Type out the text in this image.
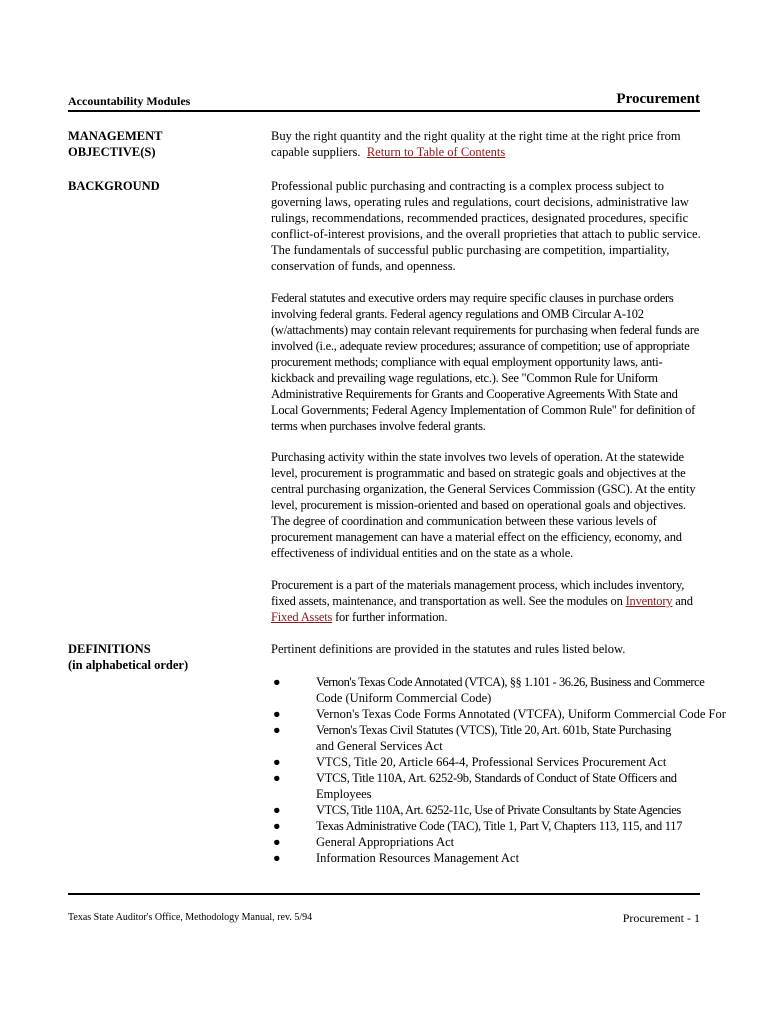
Accountability Modules	Procurement
MANAGEMENT
OBJECTIVE(S)

Buy the right quantity and the right quality at the right time at the right price from capable suppliers. Return to Table of Contents

BACKGROUND	Professional public purchasing and contracting is a complex process subject to governing laws, operating rules and regulations, court decisions, administrative law rulings, recommendations, recommended practices, designated procedures, specific conflict-of-interest provisions, and the overall proprieties that attach to public service. The fundamentals of successful public purchasing are competition, impartiality, conservation of funds, and openness.

Federal statutes and executive orders may require specific clauses in purchase orders involving federal grants. Federal agency regulations and OMB Circular A-102 (w/attachments) may contain relevant requirements for purchasing when federal funds are involved (i.e., adequate review procedures; assurance of competition; use of appropriate procurement methods; compliance with equal employment opportunity laws, anti-kickback and prevailing wage regulations, etc.). See "Common Rule for Uniform Administrative Requirements for Grants and Cooperative Agreements With State and Local Governments; Federal Agency Implementation of Common Rule" for definition of terms when purchases involve federal grants.

Purchasing activity within the state involves two levels of operation. At the statewide level, procurement is programmatic and based on strategic goals and objectives at the central purchasing organization, the General Services Commission (GSC). At the entity level, procurement is mission-oriented and based on operational goals and objectives. The degree of coordination and communication between these various levels of procurement management can have a material effect on the efficiency, economy, and effectiveness of individual entities and on the state as a whole.

Procurement is a part of the materials management process, which includes inventory, fixed assets, maintenance, and transportation as well. See the modules on Inventory and Fixed Assets for further information.

DEFINITIONS
(in alphabetical order)
Pertinent definitions are provided in the statutes and rules listed below.
●	Vernon's Texas Code Annotated (VTCA), §§ 1.101 - 36.26, Business and Commerce
Code (Uniform Commercial Code)
●	Vernon's Texas Code Forms Annotated (VTCFA), Uniform Commercial Code For
●	Vernon's Texas Civil Statutes (VTCS), Title 20, Art. 601b, State Purchasing
and General Services Act
●	VTCS, Title 20, Article 664-4, Professional Services Procurement Act
●	VTCS, Title 110A, Art. 6252-9b, Standards of Conduct of State Officers and
Employees
●	VTCS, Title 110A, Art. 6252-11c, Use of Private Consultants by State Agencies
●	Texas Administrative Code (TAC), Title 1, Part V, Chapters 113, 115, and 117
●	General Appropriations Act
●	Information Resources Management Act
Texas State Auditor's Office, Methodology Manual, rev. 5/94	Procurement - 1
